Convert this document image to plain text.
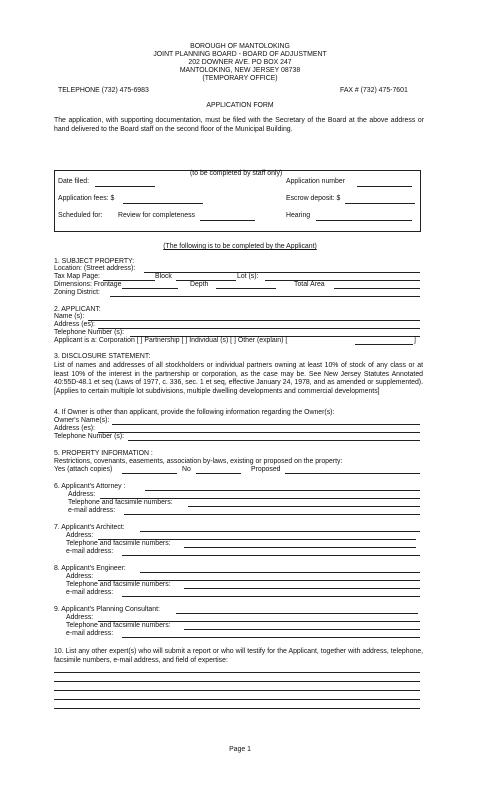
BOROUGH OF MANTOLOKING
JOINT PLANNING BOARD - BOARD OF ADJUSTMENT
202 DOWNER AVE. PO BOX 247
MANTOLOKING, NEW JERSEY 08738
(TEMPORARY OFFICE)
TELEPHONE (732) 475-6983	FAX # (732) 475-7601
APPLICATION FORM
The application, with supporting documentation, must be filed with the Secretary of the Board at the above address or hand delivered to the Board staff on the second floor of the Municipal Building.
(to be completed by staff only)
Date filed:	Application number
Application fees: $	Escrow deposit: $
Scheduled for: Review for completeness	Hearing
(The following is to be completed by the Applicant)
1. SUBJECT PROPERTY:
Location: (Street address):
Tax Map Page:	Block	Lot (s):
Dimensions: Frontage	Depth	Total Area
Zoning District:
2. APPLICANT:
Name (s):
Address (es):
Telephone Number (s):
Applicant is a: Corporation [ ] Partnership [ ] Individual (s) [ ] Other (explain) [	]
3. DISCLOSURE STATEMENT:
List of names and addresses of all stockholders or individual partners owning at least 10% of stock of any class or at least 10% of the interest in the partnership or corporation, as the case may be. See New Jersey Statutes Annotated 40:55D-48.1 et seq (Laws of 1977, c. 336, sec. 1 et seq, effective January 24, 1978, and as amended or supplemented). [Applies to certain multiple lot subdivisions, multiple dwelling developments and commercial developments]
4. If Owner is other than applicant, provide the following information regarding the Owner(s):
Owner's Name(s):
Address (es):
Telephone Number (s):
5. PROPERTY INFORMATION :
Restrictions, covenants, easements, association by-laws, existing or proposed on the property:
Yes (attach copies)	No	Proposed
6. Applicant's Attorney :
Address:
Telephone and facsimile numbers:
e-mail address:
7. Applicant's Architect:
Address:
Telephone and facsimile numbers:
e-mail address:
8. Applicant's Engineer:
Address:
Telephone and facsimile numbers:
e-mail address:
9. Applicant's Planning Consultant:
Address:
Telephone and facsimile numbers:
e-mail address:
10. List any other expert(s) who will submit a report or who will testify for the Applicant, together with address, telephone, facsimile numbers, e-mail address, and field of expertise:
Page 1
